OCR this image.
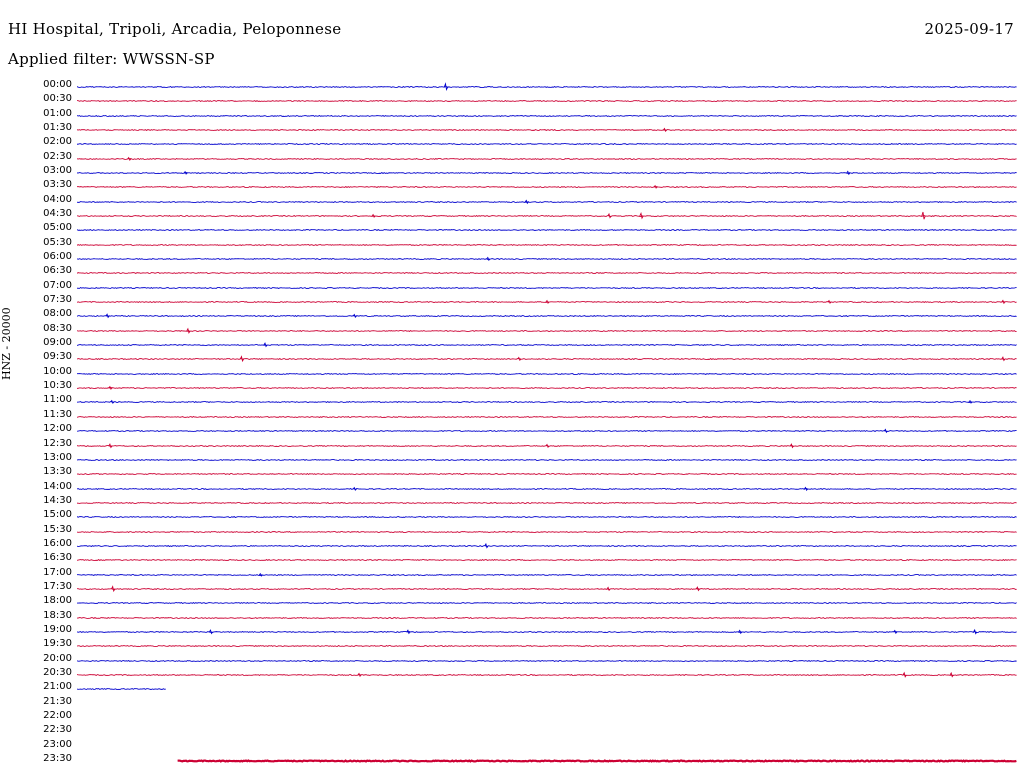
HI Hospital, Tripoli, Arcadia, Peloponnese	2025-09-17
Applied filter: WWSSN-SP
HNZ - 20000
00:00
00:30
01:00
01:30
02:00
02:30
03:00
03:30
04:00
04:30
05:00
05:30
06:00
06:30
07:00
07:30
08:00
08:30
09:00
09:30
10:00
10:30
11:00
11:30
12:00
12:30
13:00
13:30
14:00
14:30
15:00
15:30
16:00
16:30
17:00
17:30
18:00
18:30
19:00
19:30
20:00
20:30
21:00
21:30
22:00
22:30
23:00
23:30
